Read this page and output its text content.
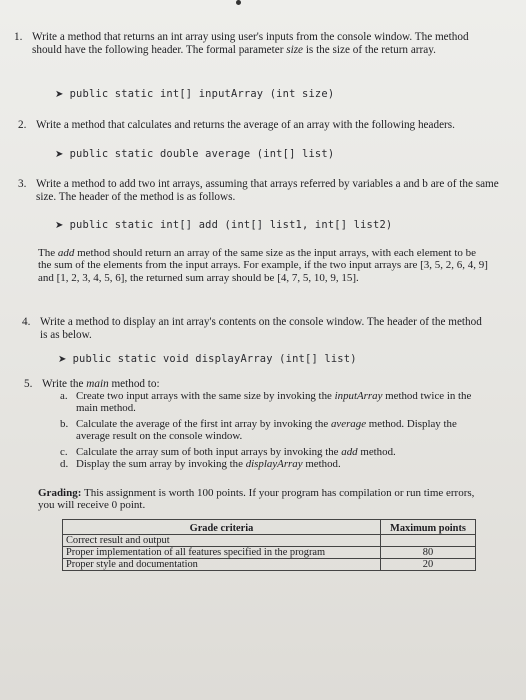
1. Write a method that returns an int array using user's inputs from the console window. The method should have the following header. The formal parameter size is the size of the return array.
➤ public static int[] inputArray (int size)
2. Write a method that calculates and returns the average of an array with the following headers.
➤ public static double average (int[] list)
3. Write a method to add two int arrays, assuming that arrays referred by variables a and b are of the same size. The header of the method is as follows.
➤ public static int[] add (int[] list1, int[] list2)
The add method should return an array of the same size as the input arrays, with each element to be the sum of the elements from the input arrays. For example, if the two input arrays are [3, 5, 2, 6, 4, 9] and [1, 2, 3, 4, 5, 6], the returned sum array should be [4, 7, 5, 10, 9, 15].
4. Write a method to display an int array's contents on the console window. The header of the method is as below.
➤ public static void displayArray (int[] list)
5. Write the main method to:
a. Create two input arrays with the same size by invoking the inputArray method twice in the main method.
b. Calculate the average of the first int array by invoking the average method. Display the average result on the console window.
c. Calculate the array sum of both input arrays by invoking the add method.
d. Display the sum array by invoking the displayArray method.
Grading: This assignment is worth 100 points. If your program has compilation or run time errors, you will receive 0 point.
Grade criteria	Maximum points
Correct result and output	
Proper implementation of all features specified in the program	80
Proper style and documentation	20
